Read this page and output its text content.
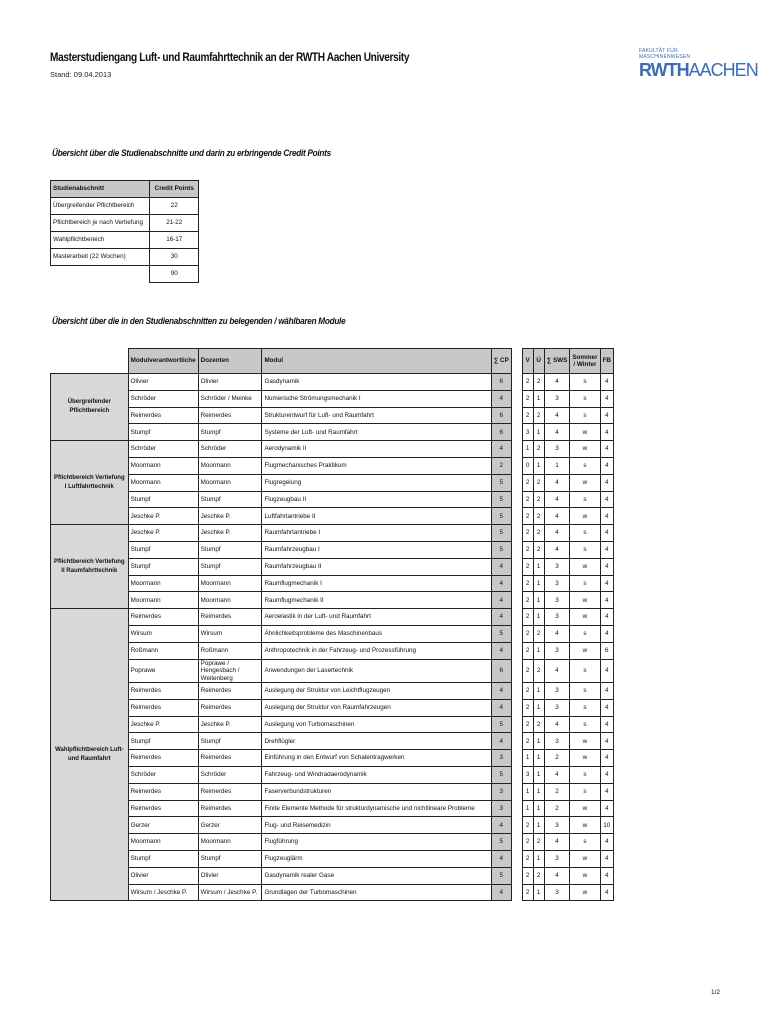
Masterstudiengang Luft- und Raumfahrttechnik an der RWTH Aachen University
Stand: 09.04.2013
FAKULTÄT FÜR
MASCHINENWESEN
RWTHAACHEN
Übersicht über die Studienabschnitte und darin zu erbringende Credit Points
Studienabschnitt	Credit Points
Übergreifender Pflichtbereich	22
Pflichtbereich je nach Vertiefung	21-22
Wahlpflichtbereich	16-17
Masterarbeit (22 Wochen)	30
	90
Übersicht über die in den Studienabschnitten zu belegenden / wählbaren Module
	Modulverantwortliche	Dozenten	Modul	∑ CP		V	Ü	∑ SWS	Sommer / Winter	FB
Übergreifender Pflichtbereich	Olivier	Olivier	Gasdynamik	6		2	2	4	s	4
	Schröder	Schröder / Meinke	Numerische Strömungsmechanik I	4		2	1	3	s	4
	Reimerdes	Reimerdes	Strukturentwurf für Luft- und Raumfahrt	6		2	2	4	s	4
	Stumpf	Stumpf	Systeme der Luft- und Raumfahrt	6		3	1	4	w	4
Pflichtbereich Vertiefung I Luftfahrttechnik	Schröder	Schröder	Aerodynamik II	4		1	2	3	w	4
	Moormann	Moormann	Flugmechanisches Praktikum	2		0	1	1	s	4
	Moormann	Moormann	Flugregelung	5		2	2	4	w	4
	Stumpf	Stumpf	Flugzeugbau II	5		2	2	4	s	4
	Jeschke P.	Jeschke P.	Luftfahrtantriebe II	5		2	2	4	w	4
Pflichtbereich Vertiefung II Raumfahrttechnik	Jeschke P.	Jeschke P.	Raumfahrtantriebe I	5		2	2	4	s	4
	Stumpf	Stumpf	Raumfahrzeugbau I	5		2	2	4	s	4
	Stumpf	Stumpf	Raumfahrzeugbau II	4		2	1	3	w	4
	Moormann	Moormann	Raumflugmechanik I	4		2	1	3	s	4
	Moormann	Moormann	Raumflugmechanik II	4		2	1	3	w	4
Wahlpflichtbereich Luft- und Raumfahrt	Reimerdes	Reimerdes	Aeroelastik in der Luft- und Raumfahrt	4		2	1	3	w	4
	Wirsum	Wirsum	Ähnlichkeitsprobleme des Maschinenbaus	5		2	2	4	s	4
	Roßmann	Roßmann	Anthropotechnik in der Fahrzeug- und Prozessführung	4		2	1	3	w	6
	Poprawe	Poprawe / Hengesbach / Weitenberg	Anwendungen der Lasertechnik	6		2	2	4	s	4
	Reimerdes	Reimerdes	Auslegung der Struktur von Leichtflugzeugen	4		2	1	3	s	4
	Reimerdes	Reimerdes	Auslegung der Struktur von Raumfahrzeugen	4		2	1	3	s	4
	Jeschke P.	Jeschke P.	Auslegung von Turbomaschinen	5		2	2	4	s	4
	Stumpf	Stumpf	Drehflügler	4		2	1	3	w	4
	Reimerdes	Reimerdes	Einführung in den Entwurf von Schalentragwerken	3		1	1	2	w	4
	Schröder	Schröder	Fahrzeug- und Windradaerodynamik	5		3	1	4	s	4
	Reimerdes	Reimerdes	Faserverbundstrukturen	3		1	1	2	s	4
	Reimerdes	Reimerdes	Finite Elemente Methode für strukturdynamische und nichtlineare Probleme	3		1	1	2	w	4
	Gerzer	Gerzer	Flug- und Reisemedizin	4		2	1	3	w	10
	Moormann	Moormann	Flugführung	5		2	2	4	s	4
	Stumpf	Stumpf	Flugzeuglärm	4		2	1	3	w	4
	Olivier	Olivier	Gasdynamik realer Gase	5		2	2	4	w	4
	Wirsum / Jeschke P.	Wirsum / Jeschke P.	Grundlagen der Turbomaschinen	4		2	1	3	w	4
1/2
